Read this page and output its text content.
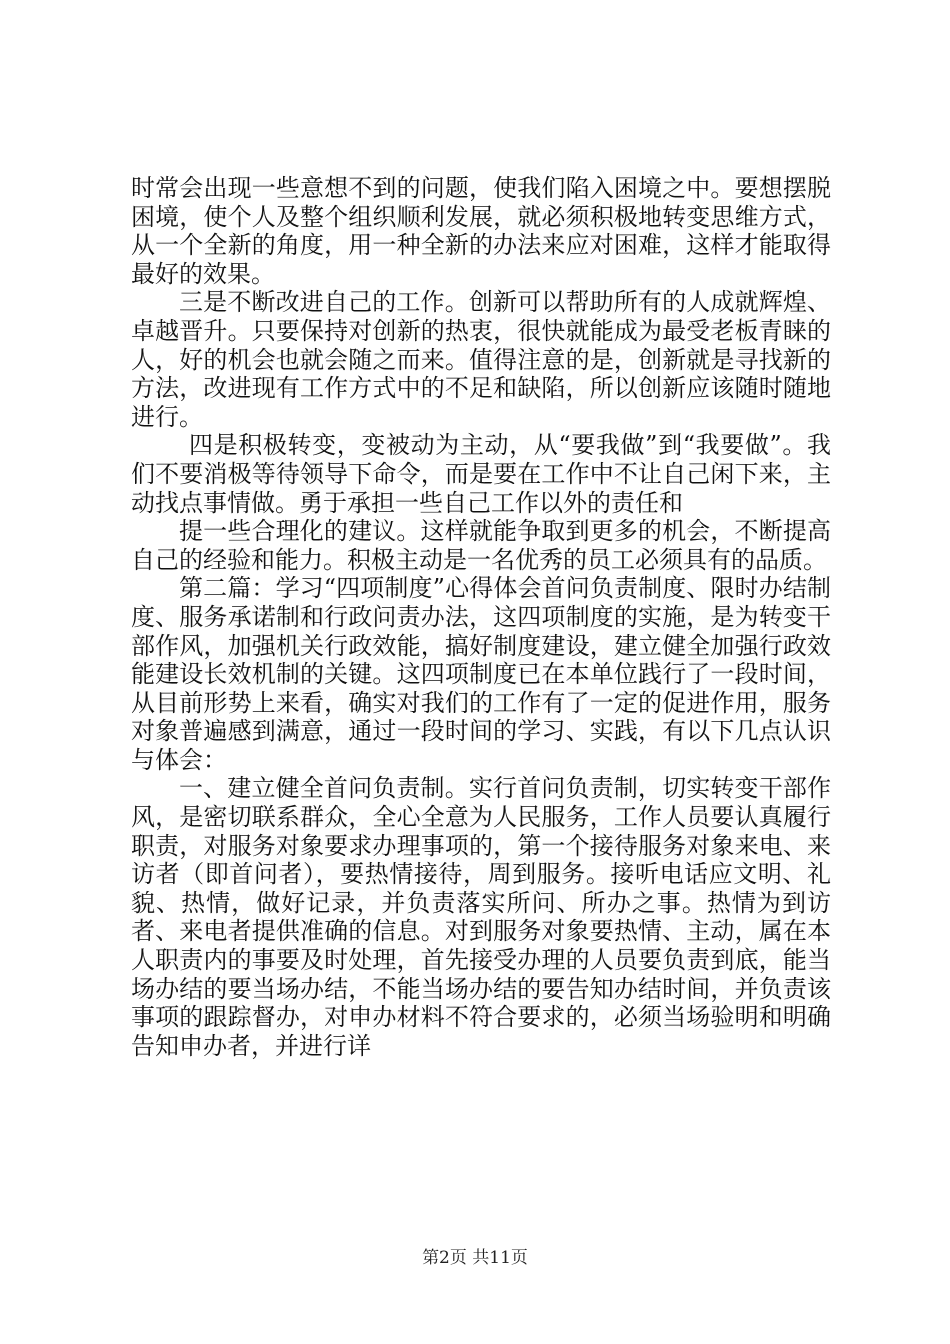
时常会出现一些意想不到的问题，使我们陷入困境之中。要想摆脱困境，使个人及整个组织顺利发展，就必须积极地转变思维方式，从一个全新的角度，用一种全新的办法来应对困难，这样才能取得最好的效果。

三是不断改进自己的工作。创新可以帮助所有的人成就辉煌、卓越晋升。只要保持对创新的热衷，很快就能成为最受老板青睐的人，好的机会也就会随之而来。值得注意的是，创新就是寻找新的方法，改进现有工作方式中的不足和缺陷，所以创新应该随时随地进行。

四是积极转变，变被动为主动，从“要我做”到“我要做”。我们不要消极等待领导下命令，而是要在工作中不让自己闲下来，主动找点事情做。勇于承担一些自己工作以外的责任和

提一些合理化的建议。这样就能争取到更多的机会，不断提高自己的经验和能力。积极主动是一名优秀的员工必须具有的品质。

第二篇：学习“四项制度”心得体会首问负责制度、限时办结制度、服务承诺制和行政问责办法，这四项制度的实施，是为转变干部作风，加强机关行政效能，搞好制度建设，建立健全加强行政效能建设长效机制的关键。这四项制度已在本单位践行了一段时间，从目前形势上来看，确实对我们的工作有了一定的促进作用，服务对象普遍感到满意，通过一段时间的学习、实践，有以下几点认识与体会：

一、建立健全首问负责制。实行首问负责制，切实转变干部作风，是密切联系群众，全心全意为人民服务，工作人员要认真履行职责，对服务对象要求办理事项的，第一个接待服务对象来电、来访者（即首问者），要热情接待，周到服务。接听电话应文明、礼貌、热情，做好记录，并负责落实所问、所办之事。热情为到访者、来电者提供准确的信息。对到服务对象要热情、主动，属在本人职责内的事要及时处理，首先接受办理的人员要负责到底，能当场办结的要当场办结，不能当场办结的要告知办结时间，并负责该事项的跟踪督办，对申办材料不符合要求的，必须当场验明和明确告知申办者，并进行详

第2页 共11页
